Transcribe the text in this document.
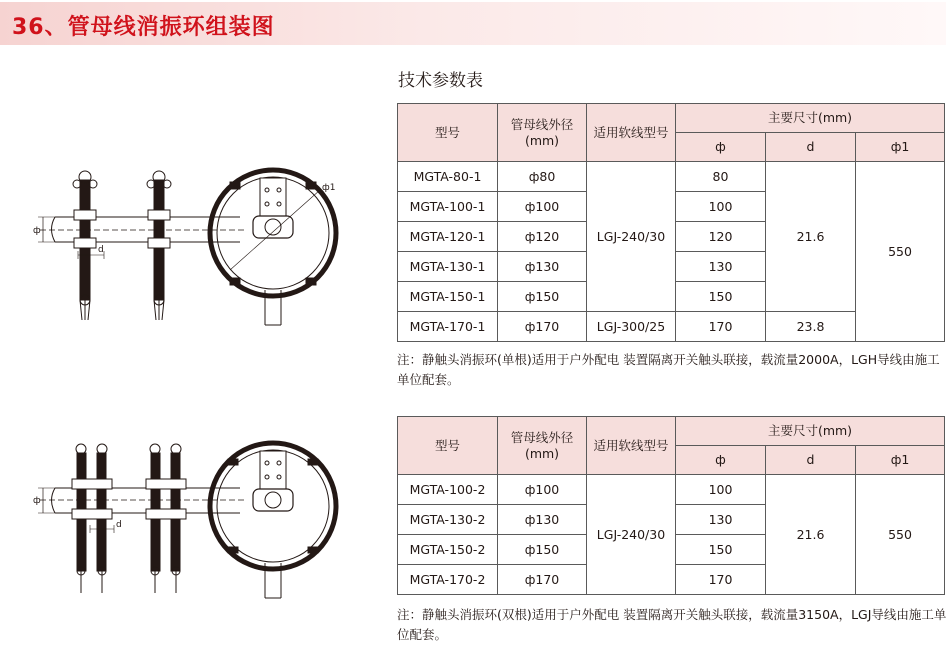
36、管母线消振环组装图
技术参数表
ф
d
ф1
ф
d
型号	管母线外径(mm)	适用软线型号	主要尺寸(mm)		
			ф	d	ф1
MGTA-80-1	ф80	LGJ-240/30	80	21.6	550
MGTA-100-1	ф100		100		
MGTA-120-1	ф120		120		
MGTA-130-1	ф130		130		
MGTA-150-1	ф150		150		
MGTA-170-1	ф170	LGJ-300/25	170	23.8	
注：静触头消振环(单根)适用于户外配电 装置隔离开关触头联接，载流量2000A，LGH导线由施工单位配套。
型号	管母线外径(mm)	适用软线型号	主要尺寸(mm)		
			ф	d	ф1
MGTA-100-2	ф100	LGJ-240/30	100	21.6	550
MGTA-130-2	ф130		130		
MGTA-150-2	ф150		150		
MGTA-170-2	ф170		170		
注：静触头消振环(双根)适用于户外配电 装置隔离开关触头联接，载流量3150A，LGJ导线由施工单位配套。
